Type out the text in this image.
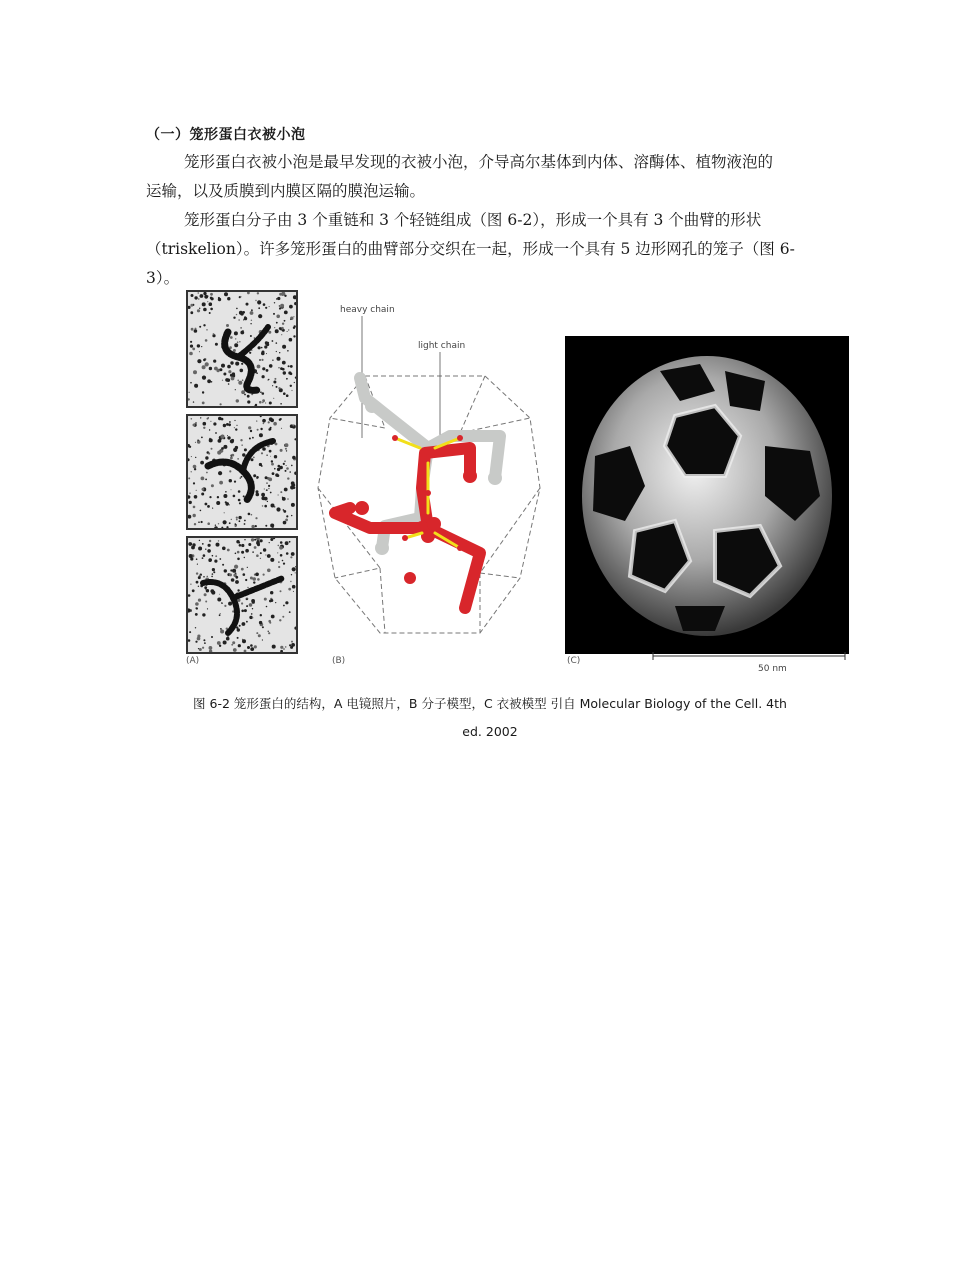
（一）笼形蛋白衣被小泡

笼形蛋白衣被小泡是最早发现的衣被小泡，介导高尔基体到内体、溶酶体、植物液泡的
运输，以及质膜到内膜区隔的膜泡运输。

笼形蛋白分子由 3 个重链和 3 个轻链组成（图 6-2），形成一个具有 3 个曲臂的形状
（triskelion）。许多笼形蛋白的曲臂部分交织在一起，形成一个具有 5 边形网孔的笼子（图 6-
3）。

(A)
heavy chain
light chain
(B)	(C)
50 nm
图 6-2 笼形蛋白的结构，A 电镜照片，B 分子模型，C 衣被模型 引自 Molecular Biology of the Cell. 4th
ed. 2002
